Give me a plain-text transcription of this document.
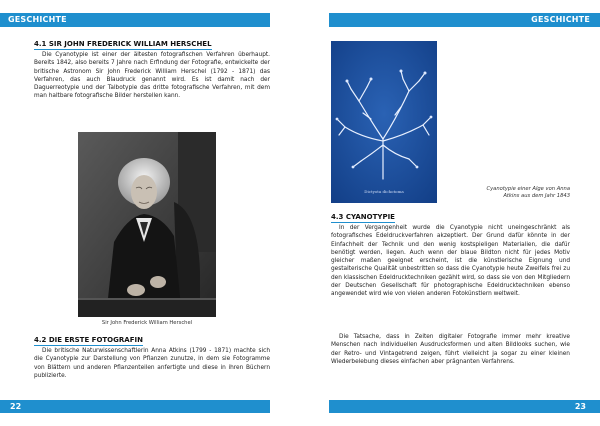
GESCHICHTE
4.1 SIR JOHN FREDERICK WILLIAM HERSCHEL
Die Cyanotypie ist einer der ältesten fotografischen Verfahren überhaupt. Bereits 1842, also bereits 7 Jahre nach Erfindung der Fotografie, entwickelte der britische Astronom Sir John Frederick William Herschel (1792 - 1871) das Verfahren, das auch Blaudruck genannt wird. Es ist damit nach der Daguerreotypie und der Talbotypie das dritte fotografische Verfahren, mit dem man haltbare fotografische Bilder herstellen kann.
Sir John Frederick William Herschel
4.2 DIE ERSTE FOTOGRAFIN
Die britische Naturwissenschaftlerin Anna Atkins (1799 - 1871) machte sich die Cyanotypie zur Darstellung von Pflanzen zunutze, in dem sie Fotogramme von Blättern und anderen Pflanzenteilen anfertigte und diese in ihren Büchern publizierte.
22
GESCHICHTE
Dictyota dichotoma	Cyanotypie einer Alge von Anna Atkins aus dem Jahr 1843
4.3 CYANOTYPIE
In der Vergangenheit wurde die Cyanotypie nicht uneingeschränkt als fotografisches Edeldruckverfahren akzeptiert. Der Grund dafür könnte in der Einfachheit der Technik und den wenig kostspieligen Materialien, die dafür benötigt werden, liegen. Auch wenn der blaue Bildton nicht für jedes Motiv gleicher maßen geeignet erscheint, ist die künstlerische Eignung und gestalterische Qualität unbestritten so dass die Cyanotypie heute Zweifels frei zu den klassischen Edeldrucktechniken gezählt wird, so dass sie von den Mitgliedern der Deutschen Gesellschaft für photographische Edeldrucktechniken ebenso angewendet wird wie von vielen anderen Fotokünstlern weltweit.
Die Tatsache, dass in Zeiten digitaler Fotografie immer mehr kreative Menschen nach individuellen Ausdrucksformen und alten Bildlooks suchen, wie der Retro- und Vintagetrend zeigen, führt vielleicht ja sogar zu einer kleinen Wiederbelebung dieses einfachen aber prägnanten Verfahrens.
23
